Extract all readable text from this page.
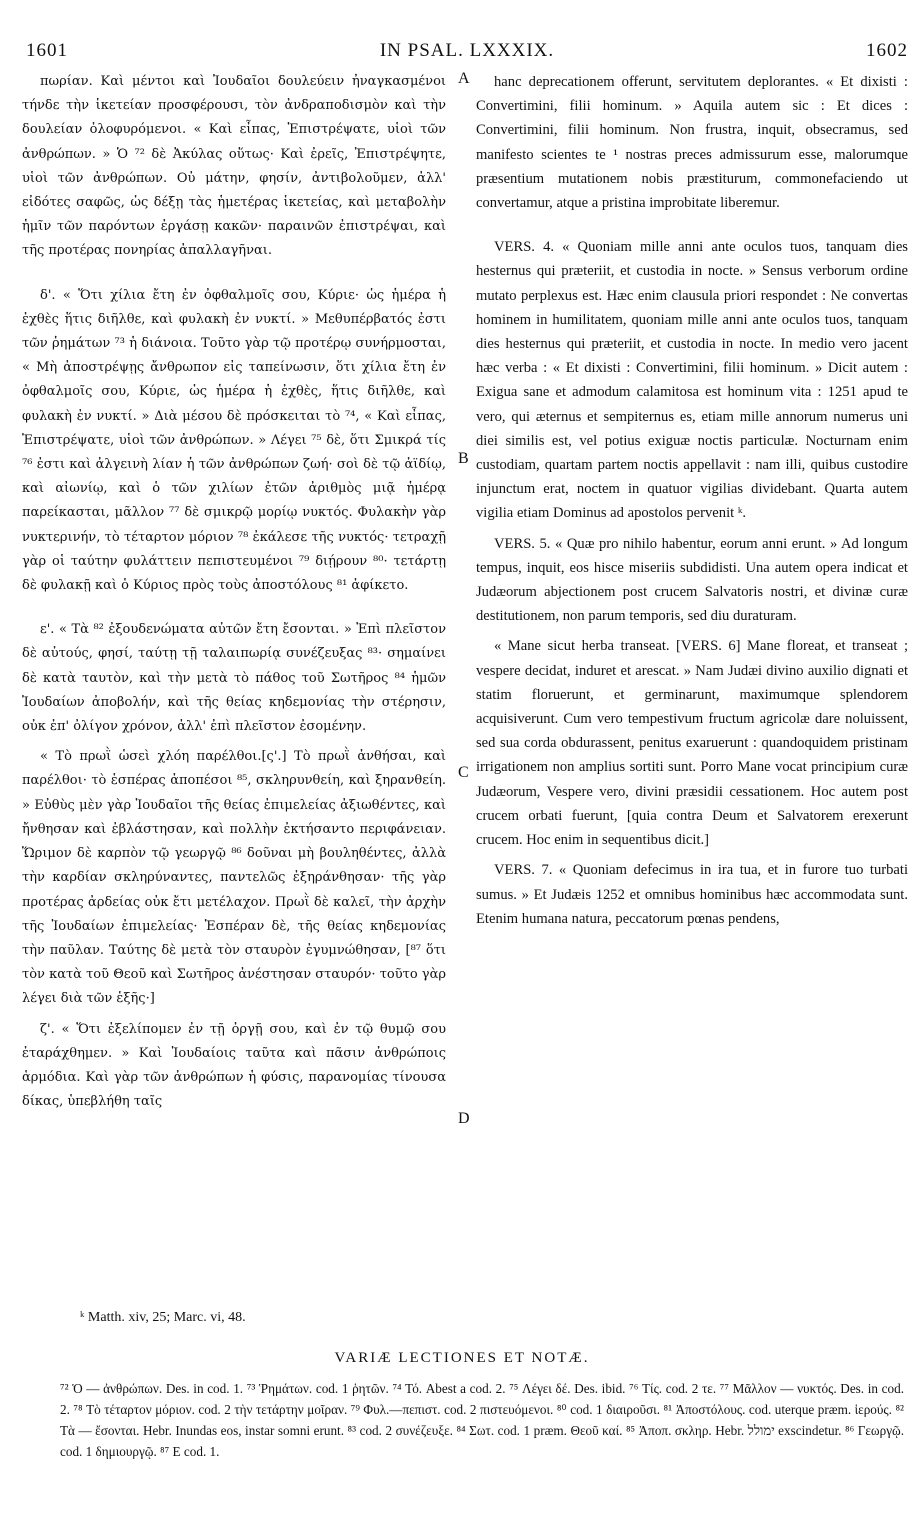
1601	IN PSAL. LXXXIX.	1602

πωρίαν. Καὶ μέντοι καὶ Ἰουδαῖοι δουλεύειν ἠναγκασμένοι τήνδε τὴν ἱκετείαν προσφέρουσι, τὸν ἀνδραποδισμὸν καὶ τὴν δουλείαν ὀλοφυρόμενοι. « Καὶ εἶπας, Ἐπιστρέψατε, υἱοὶ τῶν ἀνθρώπων. » Ὁ ⁷² δὲ Ἀκύλας οὕτως· Καὶ ἐρεῖς, Ἐπιστρέψητε, υἱοὶ τῶν ἀνθρώπων. Οὐ μάτην, φησίν, ἀντιβολοῦμεν, ἀλλ' εἰδότες σαφῶς, ὡς δέξῃ τὰς ἡμετέρας ἱκετείας, καὶ μεταβολὴν ἡμῖν τῶν παρόντων ἐργάσῃ κακῶν· παραινῶν ἐπιστρέψαι, καὶ τῆς προτέρας πονηρίας ἀπαλλαγῆναι.

δ'. « Ὅτι χίλια ἔτη ἐν ὀφθαλμοῖς σου, Κύριε· ὡς ἡμέρα ἡ ἐχθὲς ἥτις διῆλθε, καὶ φυλακὴ ἐν νυκτί. » Μεθυπέρβατός ἐστι τῶν ῥημάτων ⁷³ ἡ διάνοια. Τοῦτο γὰρ τῷ προτέρῳ συνήρμοσται, « Μὴ ἀποστρέψῃς ἄνθρωπον εἰς ταπείνωσιν, ὅτι χίλια ἔτη ἐν ὀφθαλμοῖς σου, Κύριε, ὡς ἡμέρα ἡ ἐχθὲς, ἥτις διῆλθε, καὶ φυλακὴ ἐν νυκτί. » Διὰ μέσου δὲ πρόσκειται τὸ ⁷⁴, « Καὶ εἶπας, Ἐπιστρέψατε, υἱοὶ τῶν ἀνθρώπων. » Λέγει ⁷⁵ δὲ, ὅτι Σμικρά τίς ⁷⁶ ἐστι καὶ ἀλγεινὴ λίαν ἡ τῶν ἀνθρώπων ζωή· σοὶ δὲ τῷ ἀϊδίῳ, καὶ αἰωνίῳ, καὶ ὁ τῶν χιλίων ἐτῶν ἀριθμὸς μιᾷ ἡμέρᾳ παρείκασται, μᾶλλον ⁷⁷ δὲ σμικρῷ μορίῳ νυκτός. Φυλακὴν γὰρ νυκτερινήν, τὸ τέταρτον μόριον ⁷⁸ ἐκάλεσε τῆς νυκτός· τετραχῇ γὰρ οἱ ταύτην φυλάττειν πεπιστευμένοι ⁷⁹ διῄρουν ⁸⁰· τετάρτῃ δὲ φυλακῇ καὶ ὁ Κύριος πρὸς τοὺς ἀποστόλους ⁸¹ ἀφίκετο.

ε'. « Τὰ ⁸² ἐξουδενώματα αὐτῶν ἔτη ἔσονται. » Ἐπὶ πλεῖστον δὲ αὐτούς, φησί, ταύτῃ τῇ ταλαιπωρίᾳ συνέζευξας ⁸³· σημαίνει δὲ κατὰ ταυτὸν, καὶ τὴν μετὰ τὸ πάθος τοῦ Σωτῆρος ⁸⁴ ἡμῶν Ἰουδαίων ἀποβολήν, καὶ τῆς θείας κηδεμονίας τὴν στέρησιν, οὐκ ἐπ' ὀλίγον χρόνον, ἀλλ' ἐπὶ πλεῖστον ἐσομένην.

« Τὸ πρωῒ ὡσεὶ χλόη παρέλθοι.[ς'.] Τὸ πρωῒ ἀνθήσαι, καὶ παρέλθοι· τὸ ἑσπέρας ἀποπέσοι ⁸⁵, σκληρυνθείη, καὶ ξηρανθείη. » Εὐθὺς μὲν γὰρ Ἰουδαῖοι τῆς θείας ἐπιμελείας ἀξιωθέντες, καὶ ἤνθησαν καὶ ἐβλάστησαν, καὶ πολλὴν ἐκτήσαντο περιφάνειαν. Ὥριμον δὲ καρπὸν τῷ γεωργῷ ⁸⁶ δοῦναι μὴ βουληθέντες, ἀλλὰ τὴν καρδίαν σκληρύναντες, παντελῶς ἐξηράνθησαν· τῆς γὰρ προτέρας ἀρδείας οὐκ ἔτι μετέλαχον. Πρωῒ δὲ καλεῖ, τὴν ἀρχὴν τῆς Ἰουδαίων ἐπιμελείας· Ἑσπέραν δὲ, τῆς θείας κηδεμονίας τὴν παῦλαν. Ταύτης δὲ μετὰ τὸν σταυρὸν ἐγυμνώθησαν, [⁸⁷ ὅτι τὸν κατὰ τοῦ Θεοῦ καὶ Σωτῆρος ἀνέστησαν σταυρόν· τοῦτο γὰρ λέγει διὰ τῶν ἑξῆς·]

ζ'. « Ὅτι ἐξελίπομεν ἐν τῇ ὀργῇ σου, καὶ ἐν τῷ θυμῷ σου ἐταράχθημεν. » Καὶ Ἰουδαίοις ταῦτα καὶ πᾶσιν ἀνθρώποις ἁρμόδια. Καὶ γὰρ τῶν ἀνθρώπων ἡ φύσις, παρανομίας τίνουσα δίκας, ὑπεβλήθη ταῖς

A
B
C
D

hanc deprecationem offerunt, servitutem deplorantes. « Et dixisti : Convertimini, filii hominum. » Aquila autem sic : Et dices : Convertimini, filii hominum. Non frustra, inquit, obsecramus, sed manifesto scientes te ¹ nostras preces admissurum esse, malorumque præsentium mutationem nobis præstiturum, commonefaciendo ut convertamur, atque a pristina improbitate liberemur.

VERS. 4. « Quoniam mille anni ante oculos tuos, tanquam dies hesternus qui præteriit, et custodia in nocte. » Sensus verborum ordine mutato perplexus est. Hæc enim clausula priori respondet : Ne convertas hominem in humilitatem, quoniam mille anni ante oculos tuos, tanquam dies hesternus qui præteriit, et custodia in nocte. In medio vero jacent hæc verba : « Et dixisti : Convertimini, filii hominum. » Dicit autem : Exigua sane et admodum calamitosa est hominum vita : 1251 apud te vero, qui æternus et sempiternus es, etiam mille annorum numerus uni diei similis est, vel potius exiguæ noctis particulæ. Nocturnam enim custodiam, quartam partem noctis appellavit : nam illi, quibus custodire injunctum erat, noctem in quatuor vigilias dividebant. Quarta autem vigilia etiam Dominus ad apostolos pervenit ᵏ.

VERS. 5. « Quæ pro nihilo habentur, eorum anni erunt. » Ad longum tempus, inquit, eos hisce miseriis subdidisti. Una autem opera indicat et Judæorum abjectionem post crucem Salvatoris nostri, et divinæ curæ destitutionem, non parum temporis, sed diu duraturam.

« Mane sicut herba transeat. [VERS. 6] Mane floreat, et transeat ; vespere decidat, induret et arescat. » Nam Judæi divino auxilio dignati et statim floruerunt, et germinarunt, maximumque splendorem acquisiverunt. Cum vero tempestivum fructum agricolæ dare noluissent, sed sua corda obdurassent, penitus exaruerunt : quandoquidem pristinam irrigationem non amplius sortiti sunt. Porro Mane vocat principium curæ Judæorum, Vespere vero, divini præsidii cessationem. Hoc autem post crucem orbati fuerunt, [quia contra Deum et Salvatorem erexerunt crucem. Hoc enim in sequentibus dicit.]

VERS. 7. « Quoniam defecimus in ira tua, et in furore tuo turbati sumus. » Et Judæis 1252 et omnibus hominibus hæc accommodata sunt. Etenim humana natura, peccatorum pœnas pendens,

ᵏ Matth. xiv, 25; Marc. vi, 48.
VARIÆ LECTIONES ET NOTÆ.

⁷² Ὁ — ἀνθρώπων. Des. in cod. 1. ⁷³ Ῥημάτων. cod. 1 ῥητῶν. ⁷⁴ Τό. Abest a cod. 2. ⁷⁵ Λέγει δέ. Des. ibid. ⁷⁶ Τίς. cod. 2 τε. ⁷⁷ Μᾶλλον — νυκτός. Des. in cod. 2. ⁷⁸ Τὸ τέταρτον μόριον. cod. 2 τὴν τετάρτην μοῖραν. ⁷⁹ Φυλ.—πεπιστ. cod. 2 πιστευόμενοι. ⁸⁰ cod. 1 διαιροῦσι. ⁸¹ Ἀποστόλους. cod. uterque præm. ἱερούς. ⁸² Τὰ — ἔσονται. Hebr. Inundas eos, instar somni erunt. ⁸³ cod. 2 συνέζευξε. ⁸⁴ Σωτ. cod. 1 præm. Θεοῦ καί. ⁸⁵ Ἀποπ. σκληρ. Hebr. ימולל exscindetur. ⁸⁶ Γεωργῷ. cod. 1 δημιουργῷ. ⁸⁷ E cod. 1.
